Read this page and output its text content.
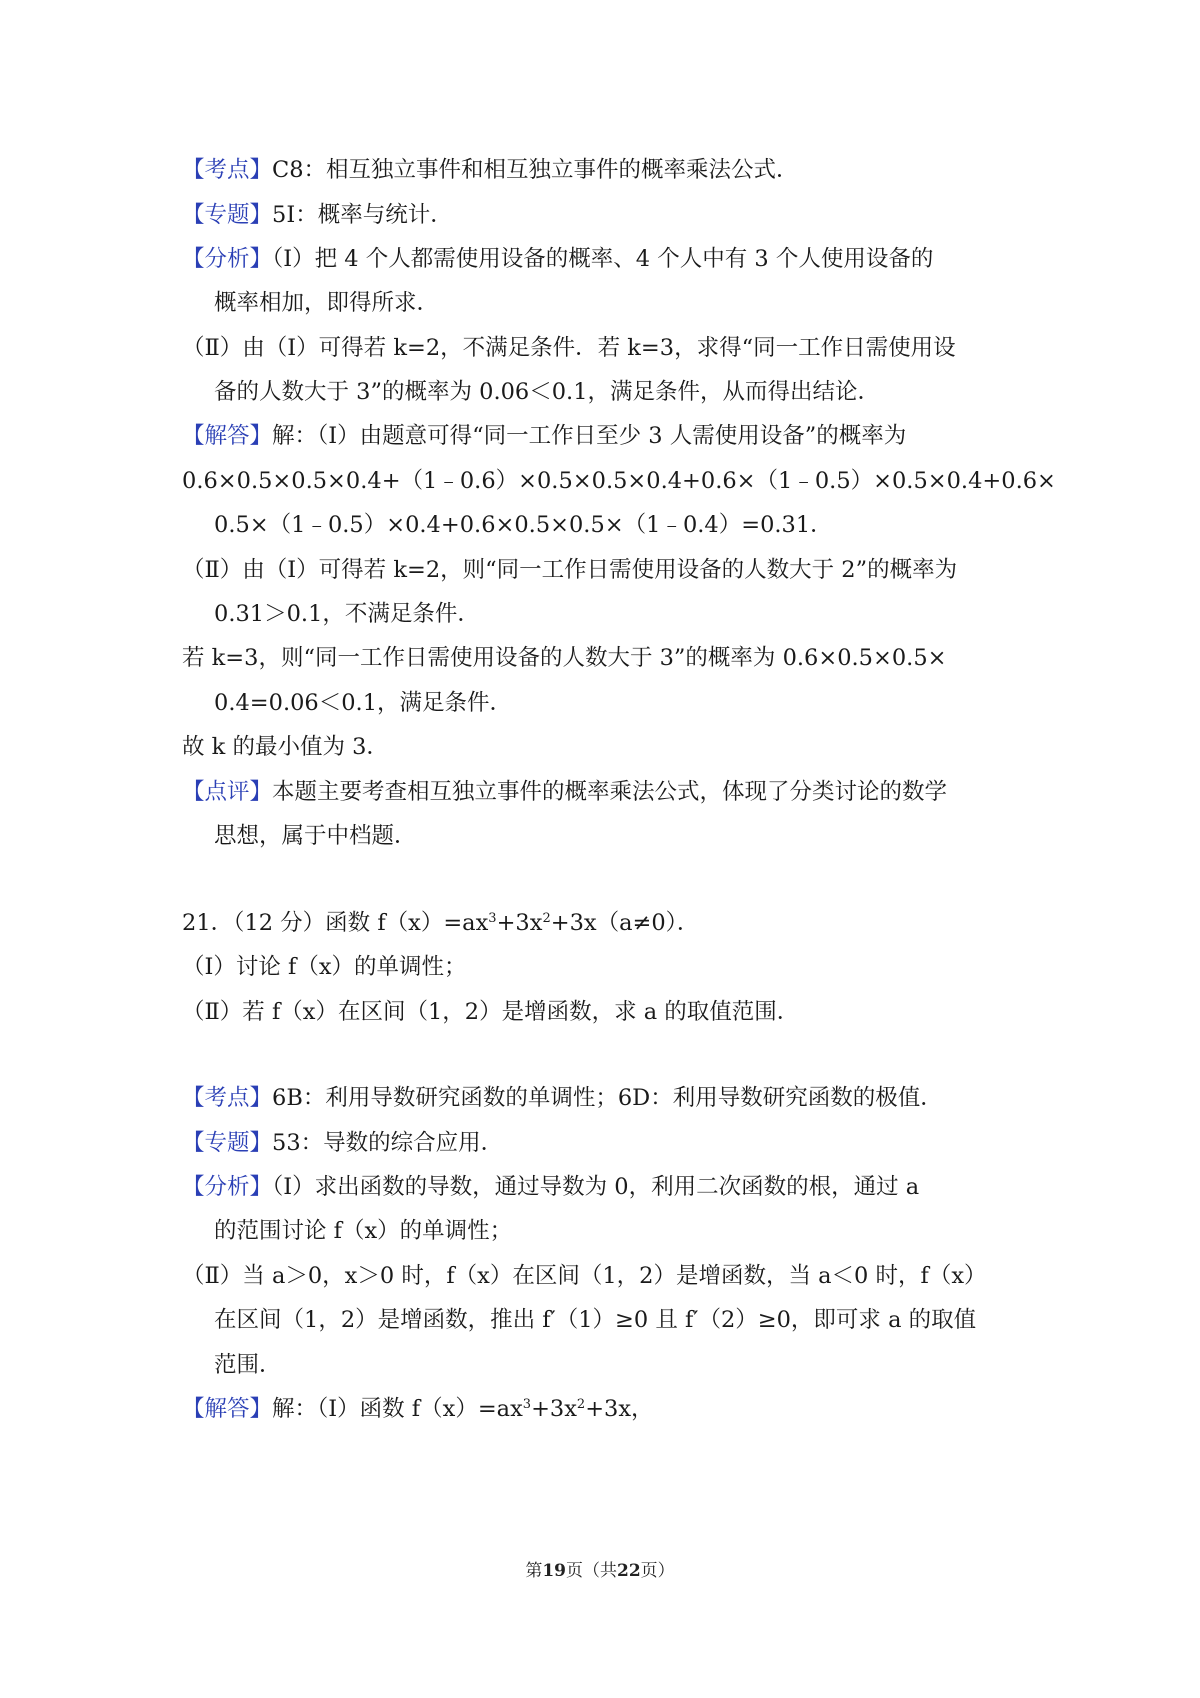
【考点】C8：相互独立事件和相互独立事件的概率乘法公式．
【专题】5I：概率与统计．
【分析】（Ⅰ）把 4 个人都需使用设备的概率、4 个人中有 3 个人使用设备的
概率相加，即得所求．
（Ⅱ）由（Ⅰ）可得若 k=2，不满足条件．若 k=3，求得“同一工作日需使用设
备的人数大于 3”的概率为 0.06＜0.1，满足条件，从而得出结论．
【解答】解：（Ⅰ）由题意可得“同一工作日至少 3 人需使用设备”的概率为
0.6×0.5×0.5×0.4+（1﹣0.6）×0.5×0.5×0.4+0.6×（1﹣0.5）×0.5×0.4+0.6×
0.5×（1﹣0.5）×0.4+0.6×0.5×0.5×（1﹣0.4）=0.31．
（Ⅱ）由（Ⅰ）可得若 k=2，则“同一工作日需使用设备的人数大于 2”的概率为
0.31＞0.1，不满足条件．
若 k=3，则“同一工作日需使用设备的人数大于 3”的概率为 0.6×0.5×0.5×
0.4=0.06＜0.1，满足条件．
故 k 的最小值为 3．
【点评】本题主要考查相互独立事件的概率乘法公式，体现了分类讨论的数学
思想，属于中档题．
21．（12 分）函数 $f(x)=ax^3+3x^2+3x(a\ne 0)$．
（Ⅰ）讨论 f（x）的单调性；
（Ⅱ）若 f（x）在区间（1，2）是增函数，求 a 的取值范围．
【考点】6B：利用导数研究函数的单调性；6D：利用导数研究函数的极值．
【专题】53：导数的综合应用．
【分析】（Ⅰ）求出函数的导数，通过导数为 0，利用二次函数的根，通过 a
的范围讨论 f（x）的单调性；
（Ⅱ）当 a＞0，x＞0 时，f（x）在区间（1，2）是增函数，当 a＜0 时，f（x）
在区间（1，2）是增函数，推出 f′（1）≥0 且 f′（2）≥0，即可求 a 的取值
范围．
【解答】解：（Ⅰ）函数 $f(x)=ax^3+3x^2+3x$，
第19页（共22页）
